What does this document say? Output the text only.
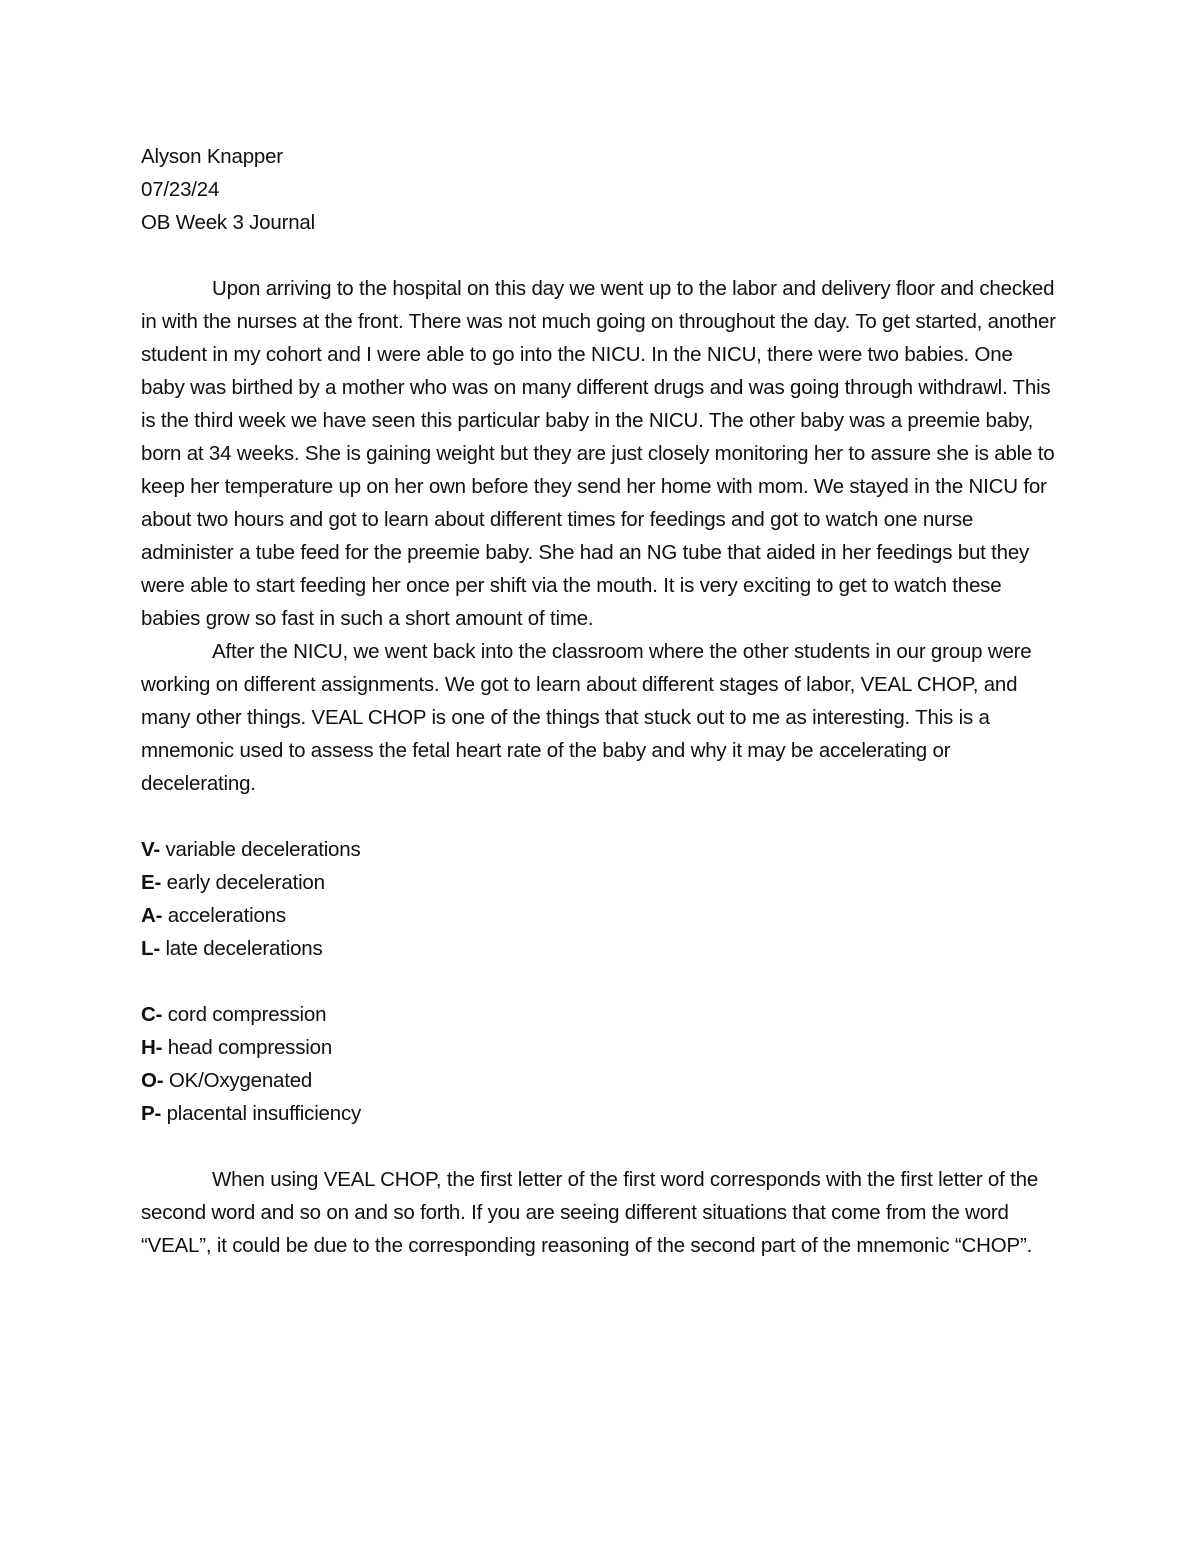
Alyson Knapper
07/23/24
OB Week 3 Journal

Upon arriving to the hospital on this day we went up to the labor and delivery floor and checked in with the nurses at the front. There was not much going on throughout the day. To get started, another student in my cohort and I were able to go into the NICU. In the NICU, there were two babies. One baby was birthed by a mother who was on many different drugs and was going through withdrawl. This is the third week we have seen this particular baby in the NICU. The other baby was a preemie baby, born at 34 weeks. She is gaining weight but they are just closely monitoring her to assure she is able to keep her temperature up on her own before they send her home with mom. We stayed in the NICU for about two hours and got to learn about different times for feedings and got to watch one nurse administer a tube feed for the preemie baby. She had an NG tube that aided in her feedings but they were able to start feeding her once per shift via the mouth. It is very exciting to get to watch these babies grow so fast in such a short amount of time.

After the NICU, we went back into the classroom where the other students in our group were working on different assignments. We got to learn about different stages of labor, VEAL CHOP, and many other things. VEAL CHOP is one of the things that stuck out to me as interesting. This is a mnemonic used to assess the fetal heart rate of the baby and why it may be accelerating or decelerating.

V- variable decelerations
E- early deceleration
A- accelerations
L- late decelerations
C- cord compression
H- head compression
O- OK/Oxygenated
P- placental insufficiency

When using VEAL CHOP, the first letter of the first word corresponds with the first letter of the second word and so on and so forth. If you are seeing different situations that come from the word “VEAL”, it could be due to the corresponding reasoning of the second part of the mnemonic “CHOP”.
